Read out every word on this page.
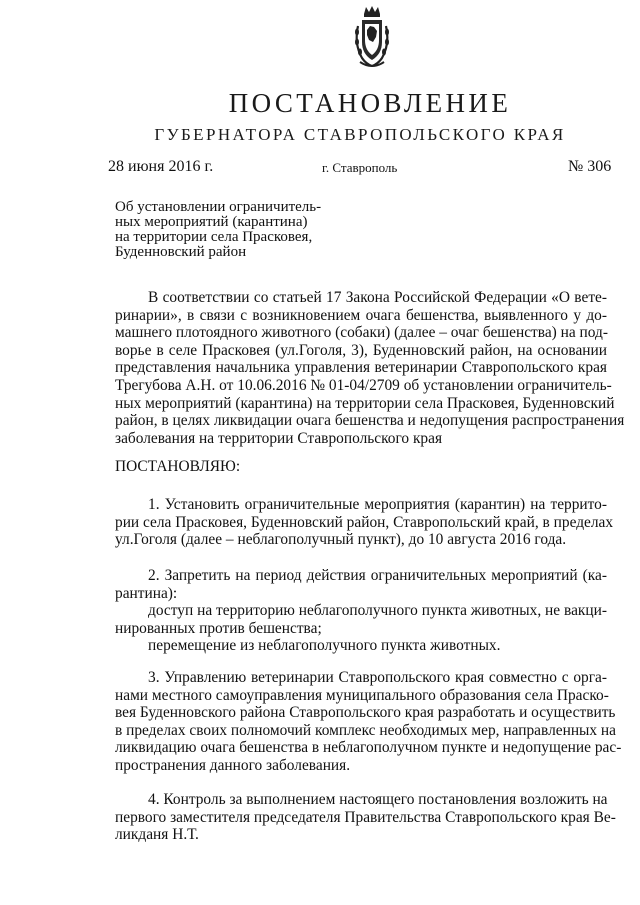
ПОСТАНОВЛЕНИЕ
ГУБЕРНАТОРА СТАВРОПОЛЬСКОГО КРАЯ
28 июня 2016 г.	г. Ставрополь	№ 306
Об установлении ограничитель-
ных мероприятий (карантина)
на территории села Прасковея,
Буденновский район
В соответствии со статьей 17 Закона Российской Федерации «О вете-
ринарии», в связи с возникновением очага бешенства, выявленного у до-
машнего плотоядного животного (собаки) (далее – очаг бешенства) на под-
ворье в селе Прасковея (ул.Гоголя, 3), Буденновский район, на основании
представления начальника управления ветеринарии Ставропольского края
Трегубова А.Н. от 10.06.2016 № 01-04/2709 об установлении ограничитель-
ных мероприятий (карантина) на территории села Прасковея, Буденновский
район, в целях ликвидации очага бешенства и недопущения распространения
заболевания на территории Ставропольского края
ПОСТАНОВЛЯЮ:
1. Установить ограничительные мероприятия (карантин) на террито-
рии села Прасковея, Буденновский район, Ставропольский край, в пределах
ул.Гоголя (далее – неблагополучный пункт), до 10 августа 2016 года.
2. Запретить на период действия ограничительных мероприятий (ка-
рантина):
доступ на территорию неблагополучного пункта животных, не вакци-
нированных против бешенства;
перемещение из неблагополучного пункта животных.
3. Управлению ветеринарии Ставропольского края совместно с орга-
нами местного самоуправления муниципального образования села Праско-
вея Буденновского района Ставропольского края разработать и осуществить
в пределах своих полномочий комплекс необходимых мер, направленных на
ликвидацию очага бешенства в неблагополучном пункте и недопущение рас-
пространения данного заболевания.
4. Контроль за выполнением настоящего постановления возложить на
первого заместителя председателя Правительства Ставропольского края Ве-
ликданя Н.Т.
